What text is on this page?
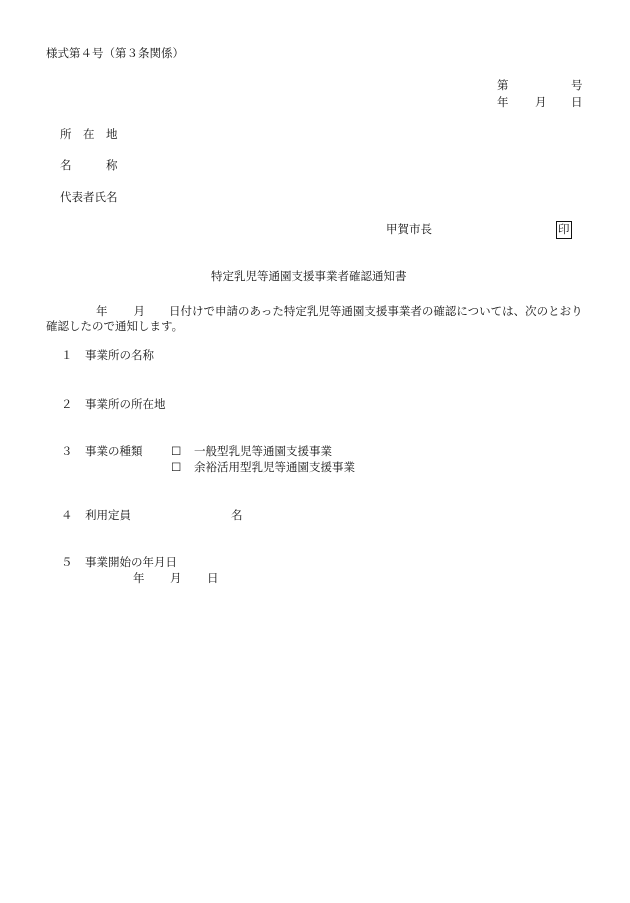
様式第４号（第３条関係）
第	号
年 月 日
所　在　地
名　　　称
代表者氏名
甲賀市長	印
特定乳児等通園支援事業者確認通知書
年 月 日付けで申請のあった特定乳児等通園支援事業者の確認については、次のとおり確認したので通知します。
１ 事業所の名称
２ 事業所の所在地
３ 事業の種類 ☐ 一般型乳児等通園支援事業
☐ 余裕活用型乳児等通園支援事業
４ 利用定員	名
５ 事業開始の年月日
年 月 日
